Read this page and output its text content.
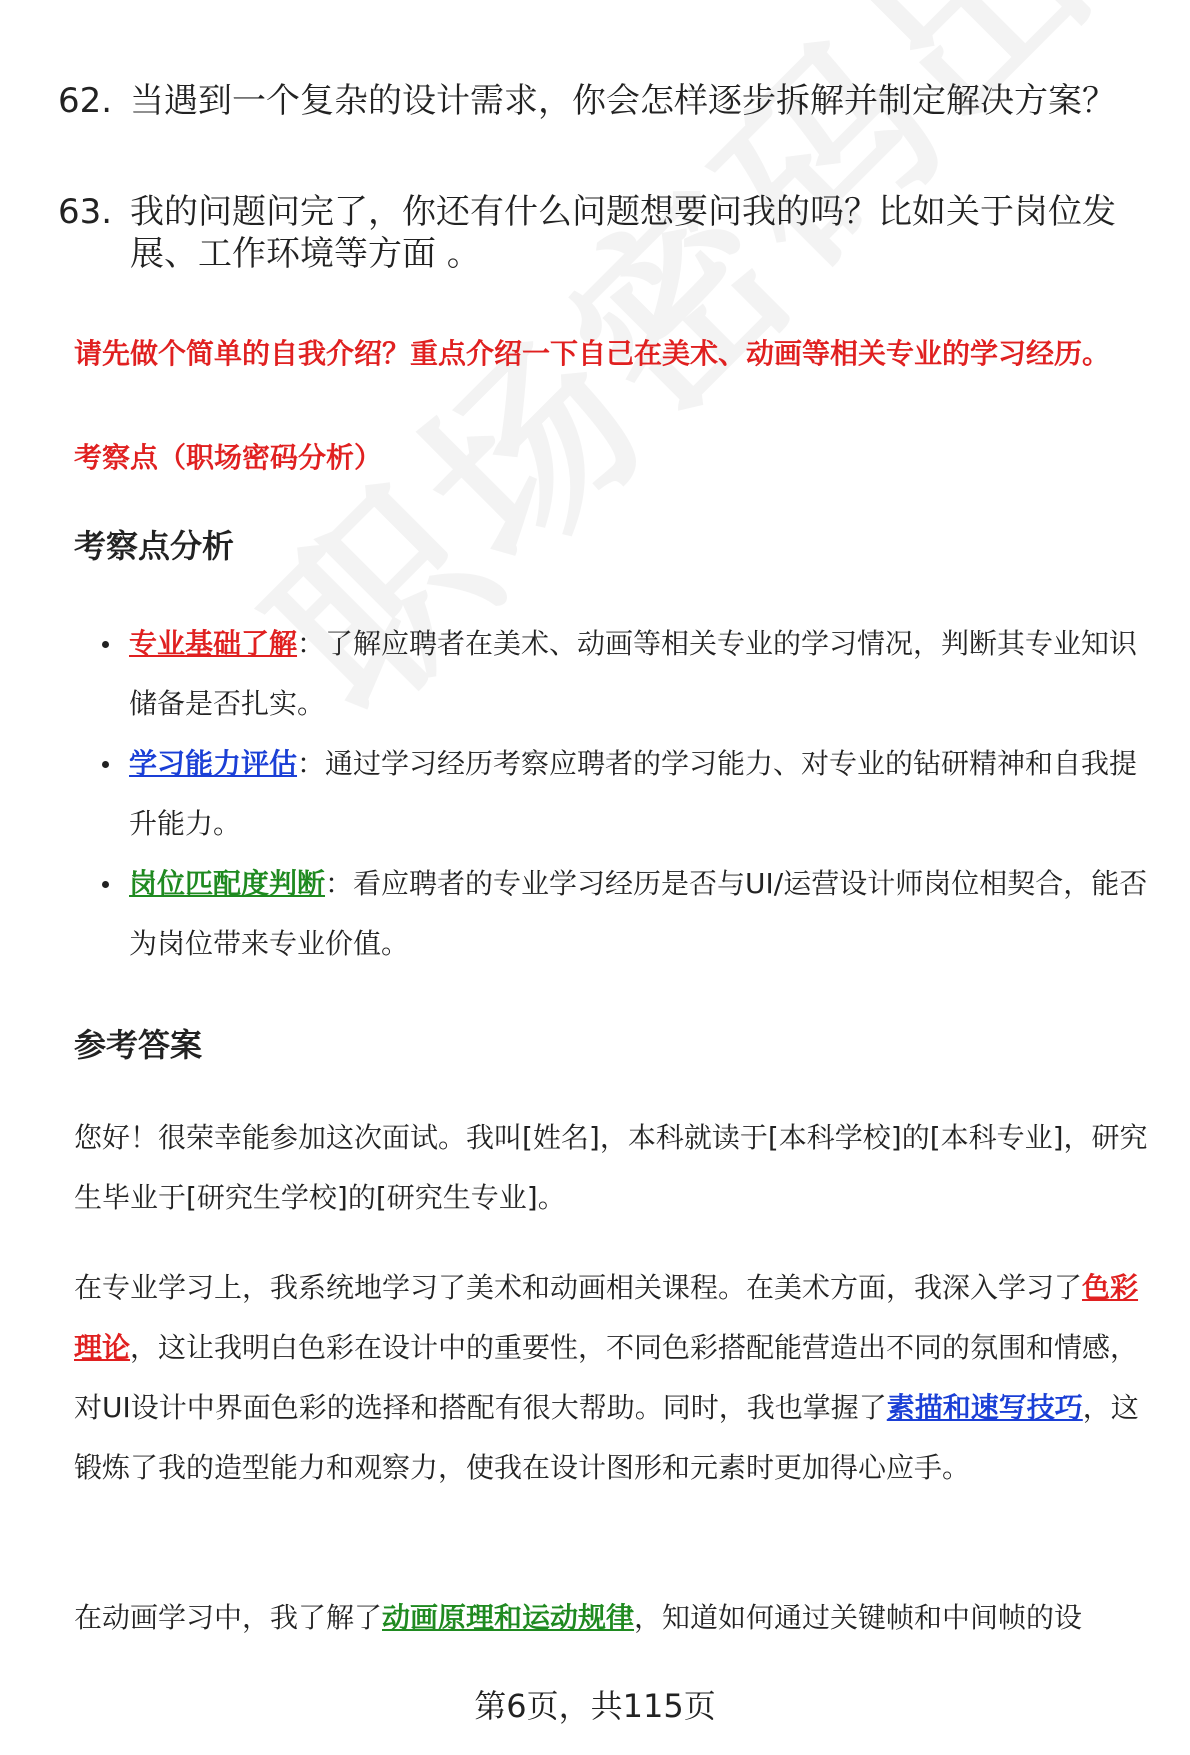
62. 当遇到一个复杂的设计需求，你会怎样逐步拆解并制定解决方案？
63. 我的问题问完了，你还有什么问题想要问我的吗？比如关于岗位发展、工作环境等方面 。
请先做个简单的自我介绍？重点介绍一下自己在美术、动画等相关专业的学习经历。
考察点（职场密码分析）
考察点分析
专业基础了解：了解应聘者在美术、动画等相关专业的学习情况，判断其专业知识储备是否扎实。
学习能力评估：通过学习经历考察应聘者的学习能力、对专业的钻研精神和自我提升能力。
岗位匹配度判断：看应聘者的专业学习经历是否与UI/运营设计师岗位相契合，能否为岗位带来专业价值。
参考答案

您好！很荣幸能参加这次面试。我叫[姓名]，本科就读于[本科学校]的[本科专业]，研究生毕业于[研究生学校]的[研究生专业]。

在专业学习上，我系统地学习了美术和动画相关课程。在美术方面，我深入学习了色彩理论，这让我明白色彩在设计中的重要性，不同色彩搭配能营造出不同的氛围和情感，对UI设计中界面色彩的选择和搭配有很大帮助。同时，我也掌握了素描和速写技巧，这锻炼了我的造型能力和观察力，使我在设计图形和元素时更加得心应手。

在动画学习中，我了解了动画原理和运动规律，知道如何通过关键帧和中间帧的设

第6页，共115页
